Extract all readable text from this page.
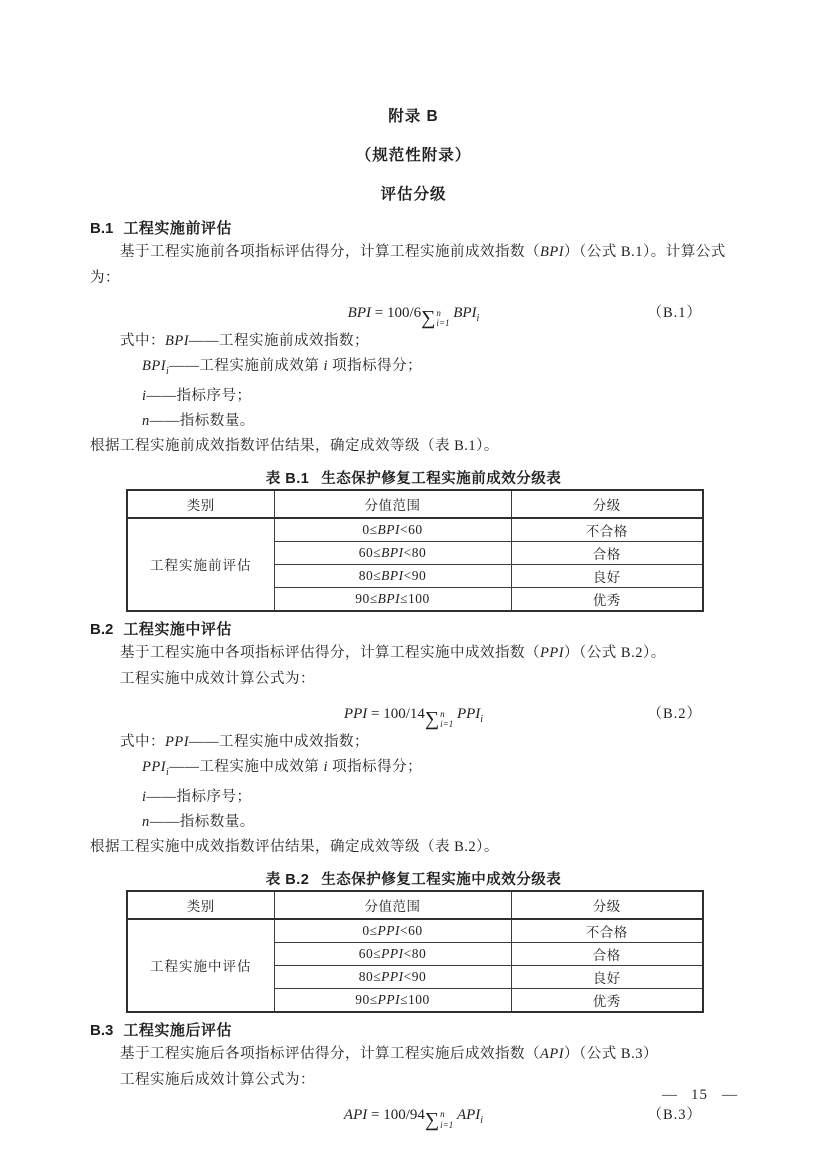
附录 B
（规范性附录）
评估分级
B.1 工程实施前评估
基于工程实施前各项指标评估得分，计算工程实施前成效指数（BPI）（公式 B.1）。计算公式
为：
BPI = 100/6 ∑ n
i=1
$BPI_i$	（B.1）
式中：BPI——工程实施前成效指数；
$BPI_i——$工程实施前成效第 i 项指标得分；
i——指标序号；
n——指标数量。
根据工程实施前成效指数评估结果，确定成效等级（表 B.1）。
表 B.1 生态保护修复工程实施前成效分级表
类别	分值范围	分级
工程实施前评估	0≤BPI<60	不合格
	60≤BPI<80	合格
	80≤BPI<90	良好
	90≤BPI≤100	优秀
B.2 工程实施中评估
基于工程实施中各项指标评估得分，计算工程实施中成效指数（PPI）（公式 B.2）。
工程实施中成效计算公式为：
PPI = 100/14 ∑ n
i=1
$PPI_i$	（B.2）
式中：PPI——工程实施中成效指数；
$PPI_i——$工程实施中成效第 i 项指标得分；
i——指标序号；
n——指标数量。
根据工程实施中成效指数评估结果，确定成效等级（表 B.2）。
表 B.2 生态保护修复工程实施中成效分级表
类别	分值范围	分级
工程实施中评估	0≤PPI<60	不合格
	60≤PPI<80	合格
	80≤PPI<90	良好
	90≤PPI≤100	优秀
B.3 工程实施后评估
基于工程实施后各项指标评估得分，计算工程实施后成效指数（API）（公式 B.3）
工程实施后成效计算公式为：
API = 100/94 ∑ n
i=1
$API_i$	（B.3）
— 15 —
